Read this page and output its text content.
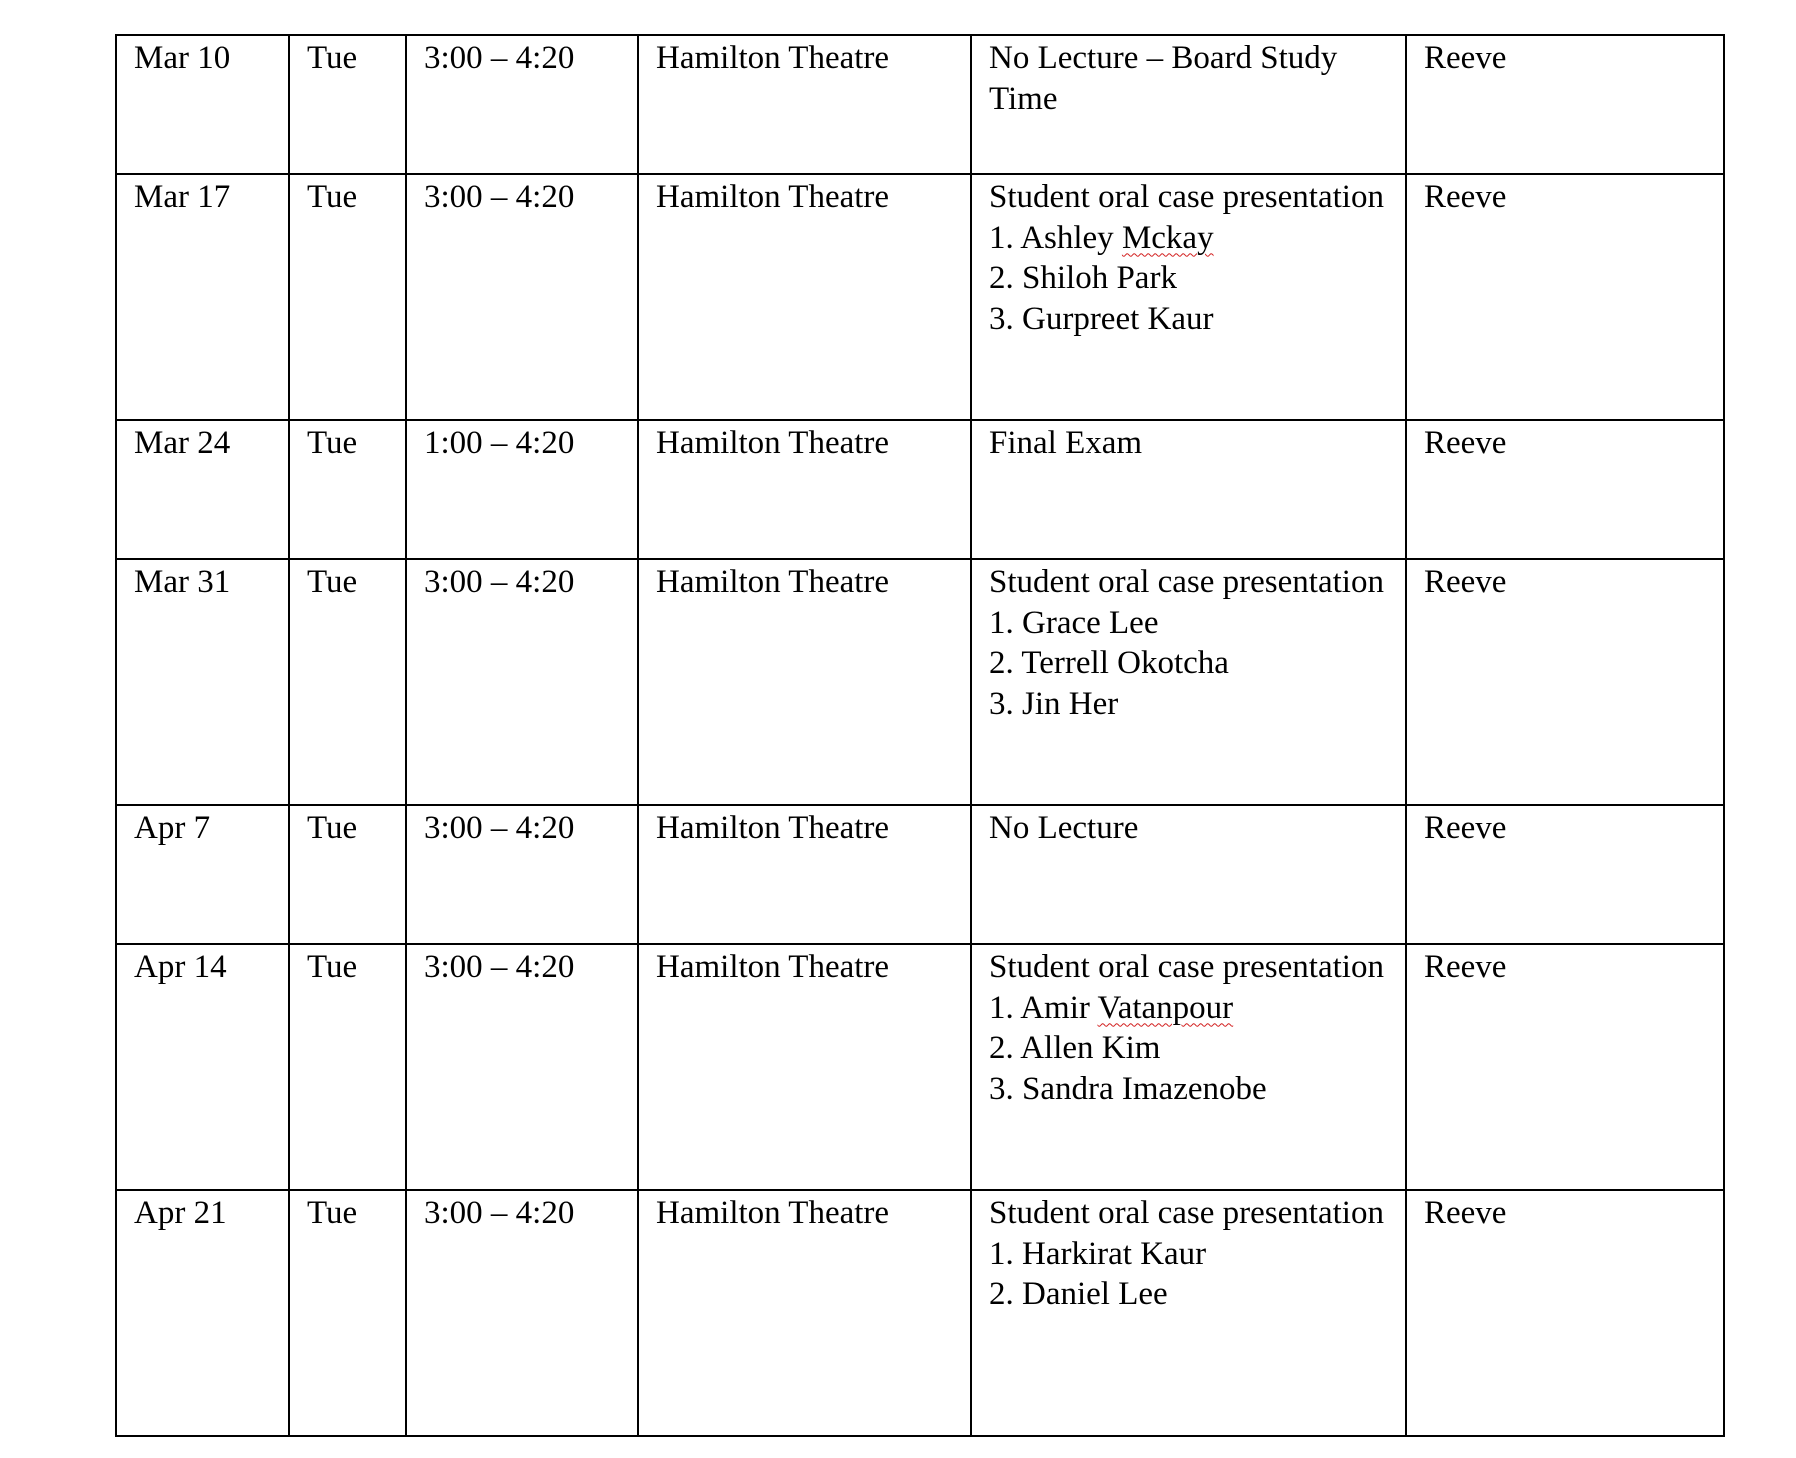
Mar 10	Tue	3:00 – 4:20	Hamilton Theatre	No Lecture – Board Study Time	Reeve
Mar 17	Tue	3:00 – 4:20	Hamilton Theatre	Student oral case presentation
1. Ashley Mckay
2. Shiloh Park
3. Gurpreet Kaur	Reeve
Mar 24	Tue	1:00 – 4:20	Hamilton Theatre	Final Exam	Reeve
Mar 31	Tue	3:00 – 4:20	Hamilton Theatre	Student oral case presentation
1. Grace Lee
2. Terrell Okotcha
3. Jin Her	Reeve
Apr 7	Tue	3:00 – 4:20	Hamilton Theatre	No Lecture	Reeve
Apr 14	Tue	3:00 – 4:20	Hamilton Theatre	Student oral case presentation
1. Amir Vatanpour
2. Allen Kim
3. Sandra Imazenobe	Reeve
Apr 21	Tue	3:00 – 4:20	Hamilton Theatre	Student oral case presentation
1. Harkirat Kaur
2. Daniel Lee	Reeve
